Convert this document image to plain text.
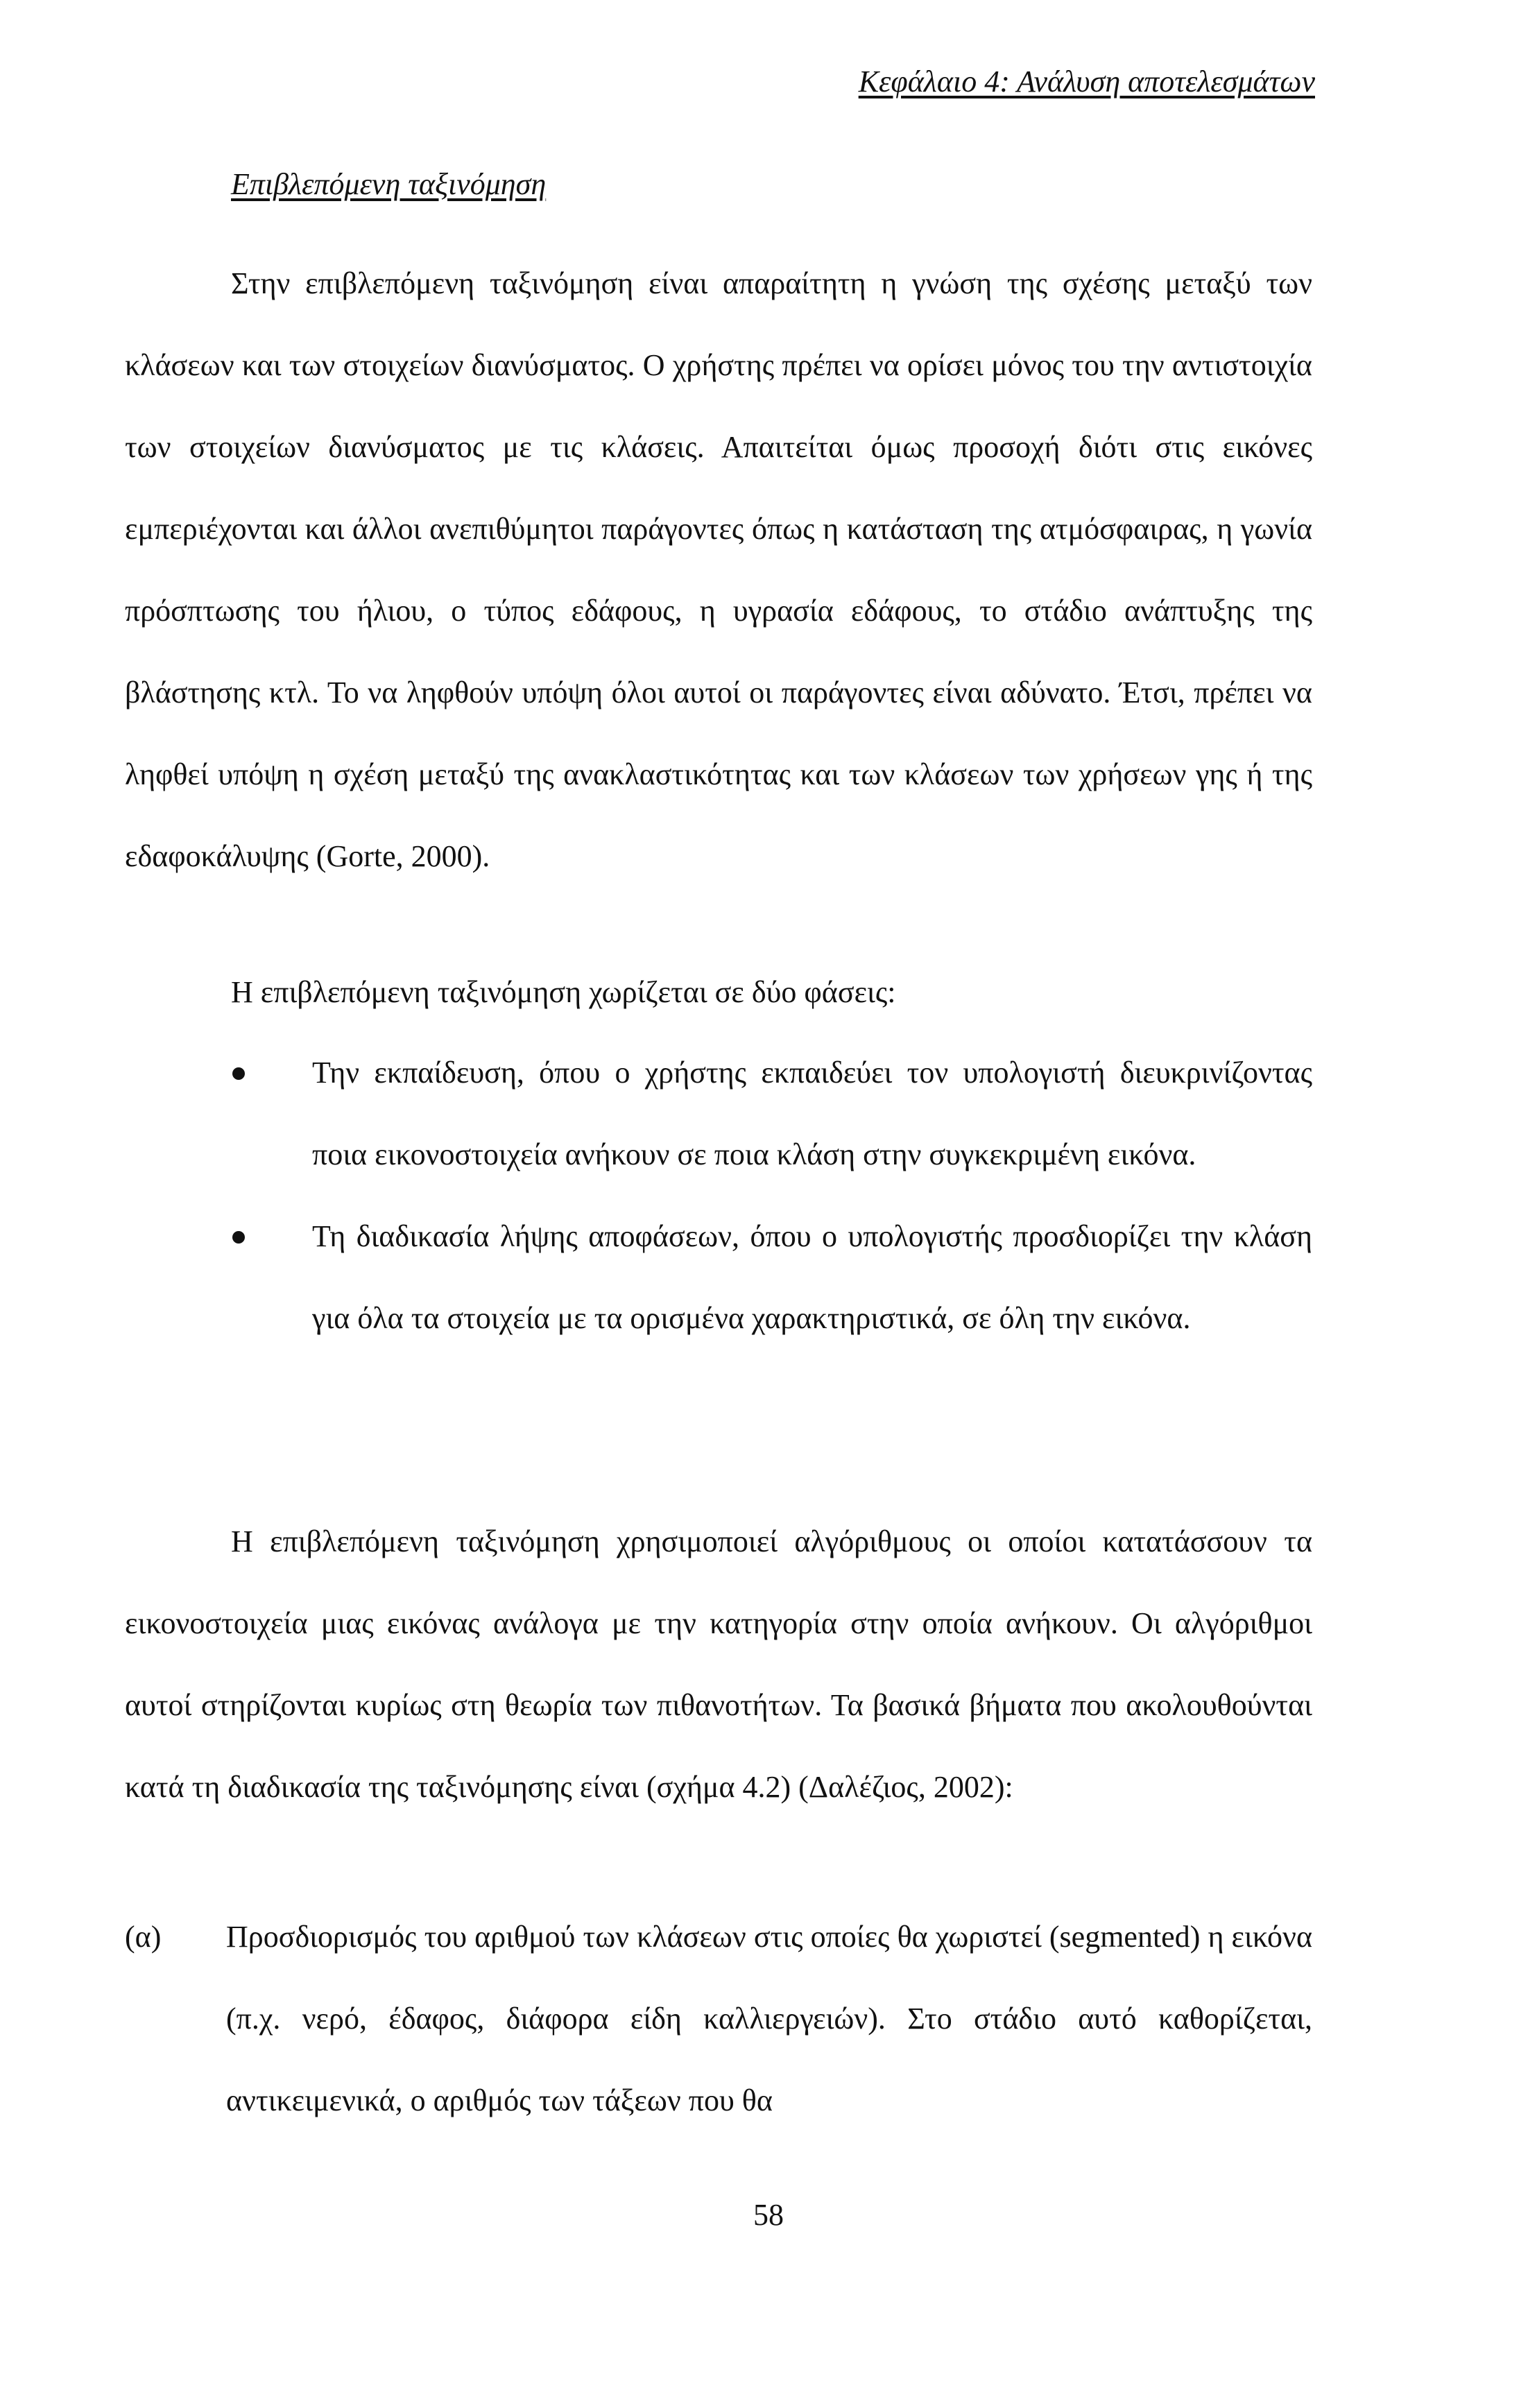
Κεφάλαιο 4: Ανάλυση αποτελεσμάτων
Επιβλεπόμενη ταξινόμηση

Στην επιβλεπόμενη ταξινόμηση είναι απαραίτητη η γνώση της σχέσης μεταξύ των κλάσεων και των στοιχείων διανύσματος. Ο χρήστης πρέπει να ορίσει μόνος του την αντιστοιχία των στοιχείων διανύσματος με τις κλάσεις. Απαιτείται όμως προσοχή διότι στις εικόνες εμπεριέχονται και άλλοι ανεπιθύμητοι παράγοντες όπως η κατάσταση της ατμόσφαιρας, η γωνία πρόσπτωσης του ήλιου, ο τύπος εδάφους, η υγρασία εδάφους, το στάδιο ανάπτυξης της βλάστησης κτλ. Το να ληφθούν υπόψη όλοι αυτοί οι παράγοντες είναι αδύνατο. Έτσι, πρέπει να ληφθεί υπόψη η σχέση μεταξύ της ανακλαστικότητας και των κλάσεων των χρήσεων γης ή της εδαφοκάλυψης (Gorte, 2000).

Η επιβλεπόμενη ταξινόμηση χωρίζεται σε δύο φάσεις:

Την εκπαίδευση, όπου ο χρήστης εκπαιδεύει τον υπολογιστή διευκρινίζοντας ποια εικονοστοιχεία ανήκουν σε ποια κλάση στην συγκεκριμένη εικόνα.
Τη διαδικασία λήψης αποφάσεων, όπου ο υπολογιστής προσδιορίζει την κλάση για όλα τα στοιχεία με τα ορισμένα χαρακτηριστικά, σε όλη την εικόνα.

Η επιβλεπόμενη ταξινόμηση χρησιμοποιεί αλγόριθμους οι οποίοι κατατάσσουν τα εικονοστοιχεία μιας εικόνας ανάλογα με την κατηγορία στην οποία ανήκουν. Οι αλγόριθμοι αυτοί στηρίζονται κυρίως στη θεωρία των πιθανοτήτων. Τα βασικά βήματα που ακολουθούνται κατά τη διαδικασία της ταξινόμησης είναι (σχήμα 4.2) (Δαλέζιος, 2002):

(α) Προσδιορισμός του αριθμού των κλάσεων στις οποίες θα χωριστεί (segmented) η εικόνα (π.χ. νερό, έδαφος, διάφορα είδη καλλιεργειών). Στο στάδιο αυτό καθορίζεται, αντικειμενικά, ο αριθμός των τάξεων που θα
58
